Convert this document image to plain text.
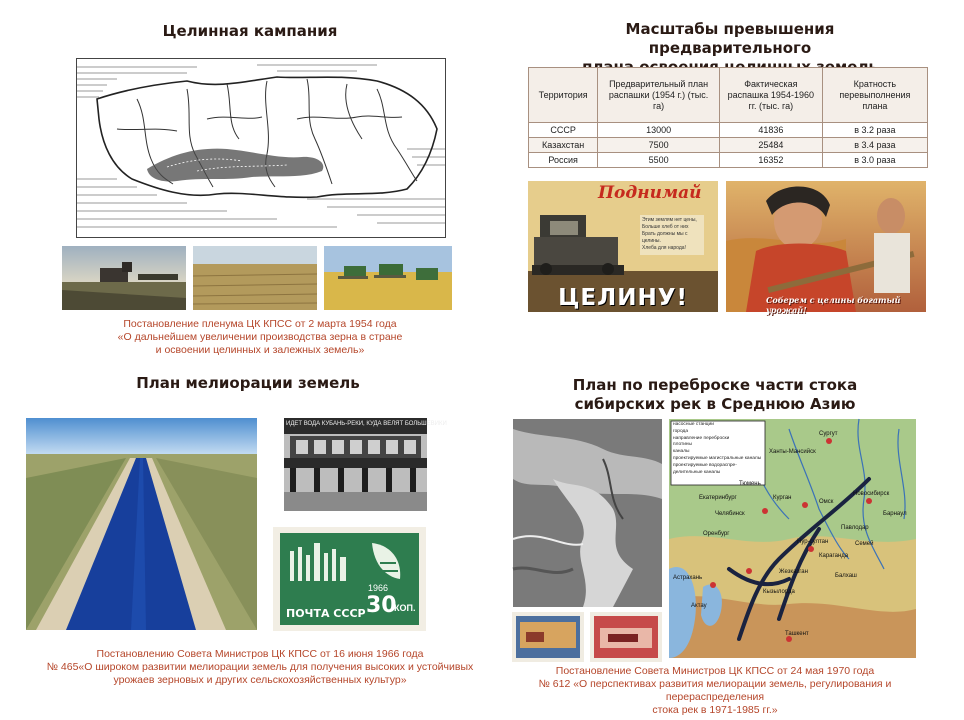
Целинная кампания
Постановление пленума ЦК КПСС от 2 марта 1954 года
«О дальнейшем увеличении производства зерна в стране
и освоении целинных и залежных земель»
Масштабы превышения предварительного
Территория	Предварительный план распашки (1954 г.) (тыс. га)	Фактическая распашка 1954-1960 гг. (тыс. га)	Кратность перевыполнения плана
СССР	13000	41836	в 3.2 раза
Казахстан	7500	25484	в 3.4 раза
Россия	5500	16352	в 3.0 раза
Поднимай
Этим землям нет цены,
Больше хлеб от них
Брать должны мы с целины.
Хлеба для народа!
ЦЕЛИНУ!	Соберем с целины богатый урожай!
План мелиорации земель
ИДЕТ ВОДА КУБАНЬ-РЕКИ, КУДА ВЕЛЯТ БОЛЬШЕВИКИ
1966
30
КОП.
ПОЧТА СССР
Постановлению Совета Министров ЦК КПСС от 16 июня 1966 года
№ 465«О широком развитии мелиорации земель для получения высоких и устойчивых
урожаев зерновых и других сельскохозяйственных культур»
План по переброске части стока
сибирских рек в Среднюю Азию
насосные станции
города
направление переброски
плотины
каналы
проектируемые магистральные каналы
проектируемые водораспре-делительные каналы
Сургут
Ханты-Мансийск
Екатеринбург	Курган
Омск
Новосибирск
Барнаул
Челябинск
Тюмень
Оренбург
Нур-султан
Павлодар
Семей
Караганда
Жезказган
Кызылорда
Ташкент
Астрахань
Актау
Балхаш
Постановление Совета Министров ЦК КПСС от 24 мая 1970 года
№ 612 «О перспективах развития мелиорации земель, регулирования и перераспределения
стока рек в 1971-1985 гг.»
